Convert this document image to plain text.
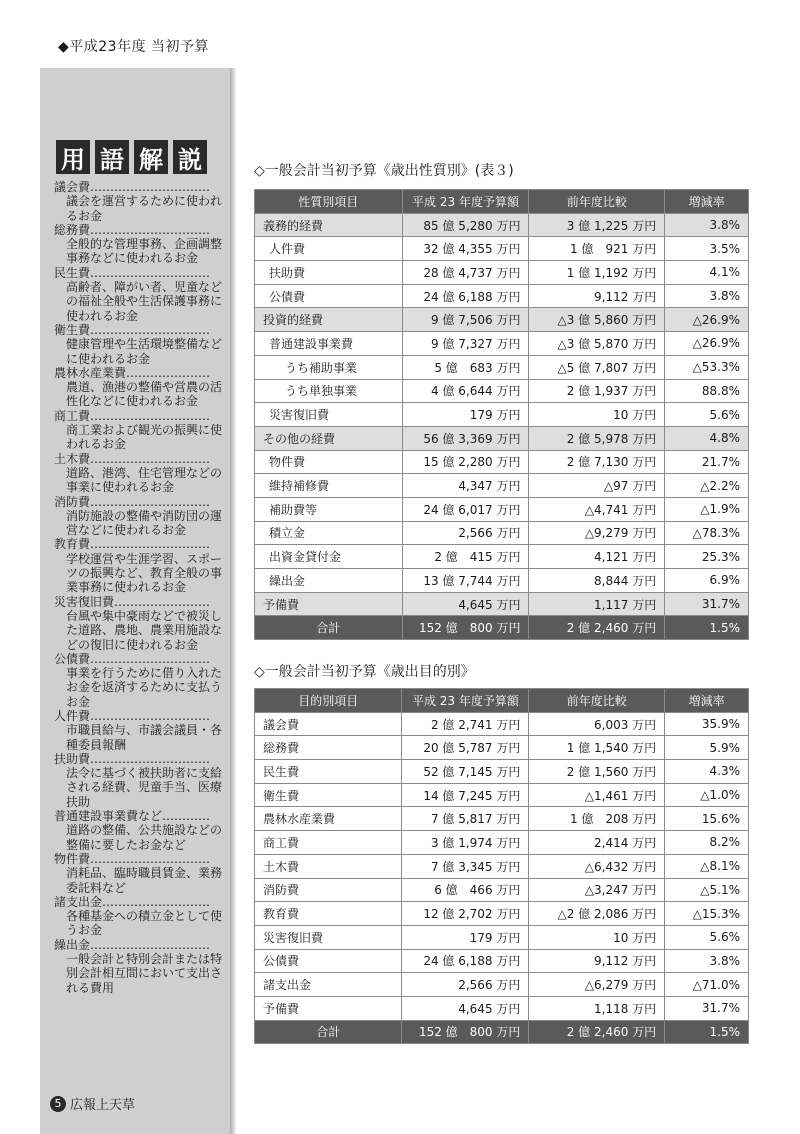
◆平成23年度 当初予算
用 語 解 説
議会費…………………………
議会を運営するために使われるお金
総務費…………………………
全般的な管理事務、企画調整事務などに使われるお金
民生費…………………………
高齢者、障がい者、児童などの福祉全般や生活保護事務に使われるお金
衛生費…………………………
健康管理や生活環境整備などに使われるお金
農林水産業費…………………
農道、漁港の整備や営農の活性化などに使われるお金
商工費…………………………
商工業および観光の振興に使われるお金
土木費…………………………
道路、港湾、住宅管理などの事業に使われるお金
消防費…………………………
消防施設の整備や消防団の運営などに使われるお金
教育費…………………………
学校運営や生涯学習、スポーツの振興など、教育全般の事業事務に使われるお金
災害復旧費……………………
台風や集中豪雨などで被災した道路、農地、農業用施設などの復旧に使われるお金
公債費…………………………
事業を行うために借り入れたお金を返済するために支払うお金
人件費…………………………
市職員給与、市議会議員・各種委員報酬
扶助費…………………………
法令に基づく被扶助者に支給される経費、児童手当、医療扶助
普通建設事業費など…………
道路の整備、公共施設などの整備に要したお金など
物件費…………………………
消耗品、臨時職員賃金、業務委託料など
諸支出金………………………
各種基金への積立金として使うお金
繰出金…………………………
一般会計と特別会計または特別会計相互間において支出される費用
◇一般会計当初予算《歳出性質別》(表３)
性質別項目	平成 23 年度予算額	前年度比較	増減率
義務的経費	85 億 5,280 万円	3 億 1,225 万円	3.8%
人件費	32 億 4,355 万円	1 億　921 万円	3.5%
扶助費	28 億 4,737 万円	1 億 1,192 万円	4.1%
公債費	24 億 6,188 万円	9,112 万円	3.8%
投資的経費	9 億 7,506 万円	△3 億 5,860 万円	△26.9%
普通建設事業費	9 億 7,327 万円	△3 億 5,870 万円	△26.9%
うち補助事業	5 億　683 万円	△5 億 7,807 万円	△53.3%
うち単独事業	4 億 6,644 万円	2 億 1,937 万円	88.8%
災害復旧費	179 万円	10 万円	5.6%
その他の経費	56 億 3,369 万円	2 億 5,978 万円	4.8%
物件費	15 億 2,280 万円	2 億 7,130 万円	21.7%
維持補修費	4,347 万円	△97 万円	△2.2%
補助費等	24 億 6,017 万円	△4,741 万円	△1.9%
積立金	2,566 万円	△9,279 万円	△78.3%
出資金貸付金	2 億　415 万円	4,121 万円	25.3%
繰出金	13 億 7,744 万円	8,844 万円	6.9%
予備費	4,645 万円	1,117 万円	31.7%
合計	152 億　800 万円	2 億 2,460 万円	1.5%
◇一般会計当初予算《歳出目的別》
目的別項目	平成 23 年度予算額	前年度比較	増減率
議会費	2 億 2,741 万円	6,003 万円	35.9%
総務費	20 億 5,787 万円	1 億 1,540 万円	5.9%
民生費	52 億 7,145 万円	2 億 1,560 万円	4.3%
衛生費	14 億 7,245 万円	△1,461 万円	△1.0%
農林水産業費	7 億 5,817 万円	1 億　208 万円	15.6%
商工費	3 億 1,974 万円	2,414 万円	8.2%
土木費	7 億 3,345 万円	△6,432 万円	△8.1%
消防費	6 億　466 万円	△3,247 万円	△5.1%
教育費	12 億 2,702 万円	△2 億 2,086 万円	△15.3%
災害復旧費	179 万円	10 万円	5.6%
公債費	24 億 6,188 万円	9,112 万円	3.8%
諸支出金	2,566 万円	△6,279 万円	△71.0%
予備費	4,645 万円	1,118 万円	31.7%
合計	152 億　800 万円	2 億 2,460 万円	1.5%
5 広報上天草
